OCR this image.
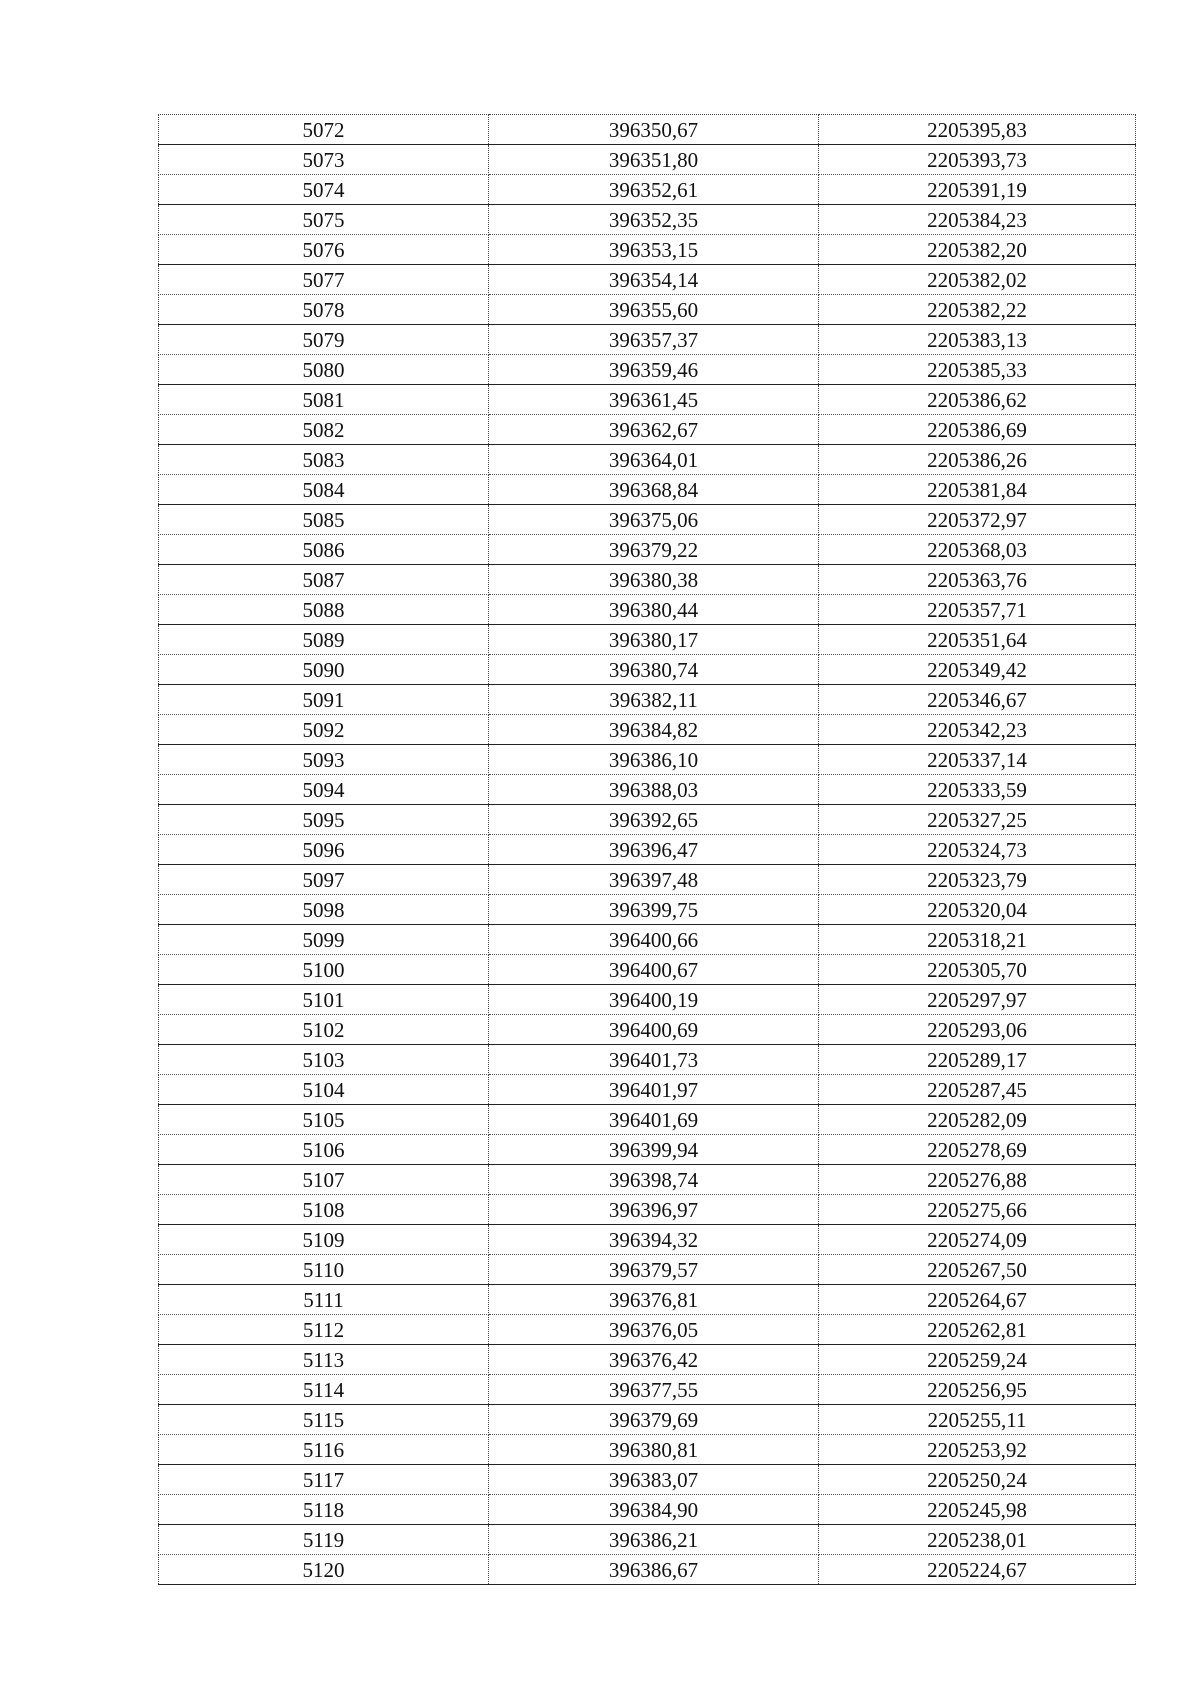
5072	396350,67	2205395,83
5073	396351,80	2205393,73
5074	396352,61	2205391,19
5075	396352,35	2205384,23
5076	396353,15	2205382,20
5077	396354,14	2205382,02
5078	396355,60	2205382,22
5079	396357,37	2205383,13
5080	396359,46	2205385,33
5081	396361,45	2205386,62
5082	396362,67	2205386,69
5083	396364,01	2205386,26
5084	396368,84	2205381,84
5085	396375,06	2205372,97
5086	396379,22	2205368,03
5087	396380,38	2205363,76
5088	396380,44	2205357,71
5089	396380,17	2205351,64
5090	396380,74	2205349,42
5091	396382,11	2205346,67
5092	396384,82	2205342,23
5093	396386,10	2205337,14
5094	396388,03	2205333,59
5095	396392,65	2205327,25
5096	396396,47	2205324,73
5097	396397,48	2205323,79
5098	396399,75	2205320,04
5099	396400,66	2205318,21
5100	396400,67	2205305,70
5101	396400,19	2205297,97
5102	396400,69	2205293,06
5103	396401,73	2205289,17
5104	396401,97	2205287,45
5105	396401,69	2205282,09
5106	396399,94	2205278,69
5107	396398,74	2205276,88
5108	396396,97	2205275,66
5109	396394,32	2205274,09
5110	396379,57	2205267,50
5111	396376,81	2205264,67
5112	396376,05	2205262,81
5113	396376,42	2205259,24
5114	396377,55	2205256,95
5115	396379,69	2205255,11
5116	396380,81	2205253,92
5117	396383,07	2205250,24
5118	396384,90	2205245,98
5119	396386,21	2205238,01
5120	396386,67	2205224,67
